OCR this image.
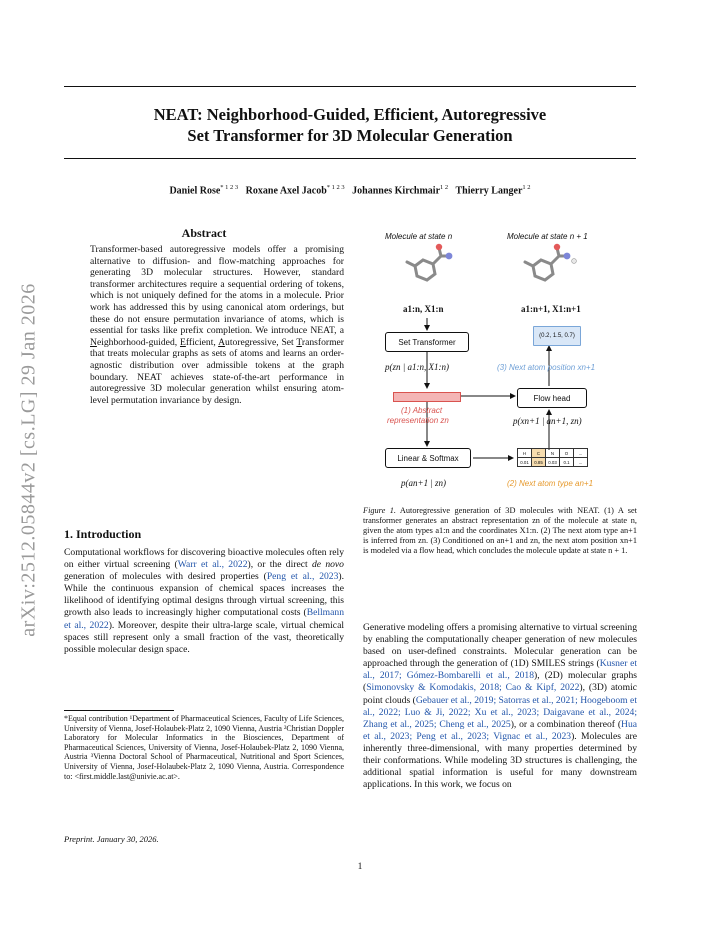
arXiv:2512.05844v2 [cs.LG] 29 Jan 2026
NEAT: Neighborhood-Guided, Efficient, Autoregressive
Set Transformer for 3D Molecular Generation
Daniel Rose$^{* 1 2 3}$ Roxane Axel Jacob$^{* 1 2 3}$ Johannes Kirchmair$^{1 2}$ Thierry Langer$^{1 2}$
Abstract
Transformer-based autoregressive models offer a promising alternative to diffusion- and flow-matching approaches for generating 3D molecular structures. However, standard transformer architectures require a sequential ordering of tokens, which is not uniquely defined for the atoms in a molecule. Prior work has addressed this by using canonical atom orderings, but these do not ensure permutation invariance of atoms, which is essential for tasks like prefix completion. We introduce NEAT, a Neighborhood-guided, Efficient, Autoregressive, Set Transformer that treats molecular graphs as sets of atoms and learns an order-agnostic distribution over admissible tokens at the graph boundary. NEAT achieves state-of-the-art performance in autoregressive 3D molecular generation whilst ensuring atom-level permutation invariance by design.
1. Introduction
Computational workflows for discovering bioactive molecules often rely on either virtual screening (Warr et al., 2022), or the direct de novo generation of molecules with desired properties (Peng et al., 2023). While the continuous expansion of chemical spaces increases the likelihood of identifying optimal designs through virtual screening, this growth also leads to increasingly higher computational costs (Bellmann et al., 2022). Moreover, despite their ultra-large scale, virtual chemical spaces still represent only a small fraction of the vast, theoretically possible molecular design space.
*Equal contribution ¹Department of Pharmaceutical Sciences, Faculty of Life Sciences, University of Vienna, Josef-Holaubek-Platz 2, 1090 Vienna, Austria ²Christian Doppler Laboratory for Molecular Informatics in the Biosciences, Department of Pharmaceutical Sciences, University of Vienna, Josef-Holaubek-Platz 2, 1090 Vienna, Austria ³Vienna Doctoral School of Pharmaceutical, Nutritional and Sport Sciences, University of Vienna, Josef-Holaubek-Platz 2, 1090 Vienna, Austria. Correspondence to: <first.middle.last@univie.ac.at>.
Preprint. January 30, 2026.
Molecule at state n	Molecule at state n + 1
a1:n, X1:n	a1:n+1, X1:n+1
Set Transformer
(0.2, 1.5, 0.7)
p(zn | a1:n, X1:n)	(3) Next atom position xn+1
Flow head
(1) Abstract
representation zn	p(xn+1 | an+1, zn)
Linear & Softmax
H	C	N	O	...
0.01	0.85	0.03	0.1	...
p(an+1 | zn)	(2) Next atom type an+1
Figure 1. Autoregressive generation of 3D molecules with NEAT. (1) A set transformer generates an abstract representation zn of the molecule at state n, given the atom types a1:n and the coordinates X1:n. (2) The next atom type an+1 is inferred from zn. (3) Conditioned on an+1 and zn, the next atom position xn+1 is modeled via a flow head, which concludes the molecule update at state n + 1.
Generative modeling offers a promising alternative to virtual screening by enabling the computationally cheaper generation of new molecules based on user-defined constraints. Molecular generation can be approached through the generation of (1D) SMILES strings (Kusner et al., 2017; Gómez-Bombarelli et al., 2018), (2D) molecular graphs (Simonovsky & Komodakis, 2018; Cao & Kipf, 2022), (3D) atomic point clouds (Gebauer et al., 2019; Satorras et al., 2021; Hoogeboom et al., 2022; Luo & Ji, 2022; Xu et al., 2023; Daigavane et al., 2024; Zhang et al., 2025; Cheng et al., 2025), or a combination thereof (Hua et al., 2023; Peng et al., 2023; Vignac et al., 2023). Molecules are inherently three-dimensional, with many properties determined by their conformations. While modeling 3D structures is challenging, the additional spatial information is useful for many downstream applications. In this work, we focus on
1
